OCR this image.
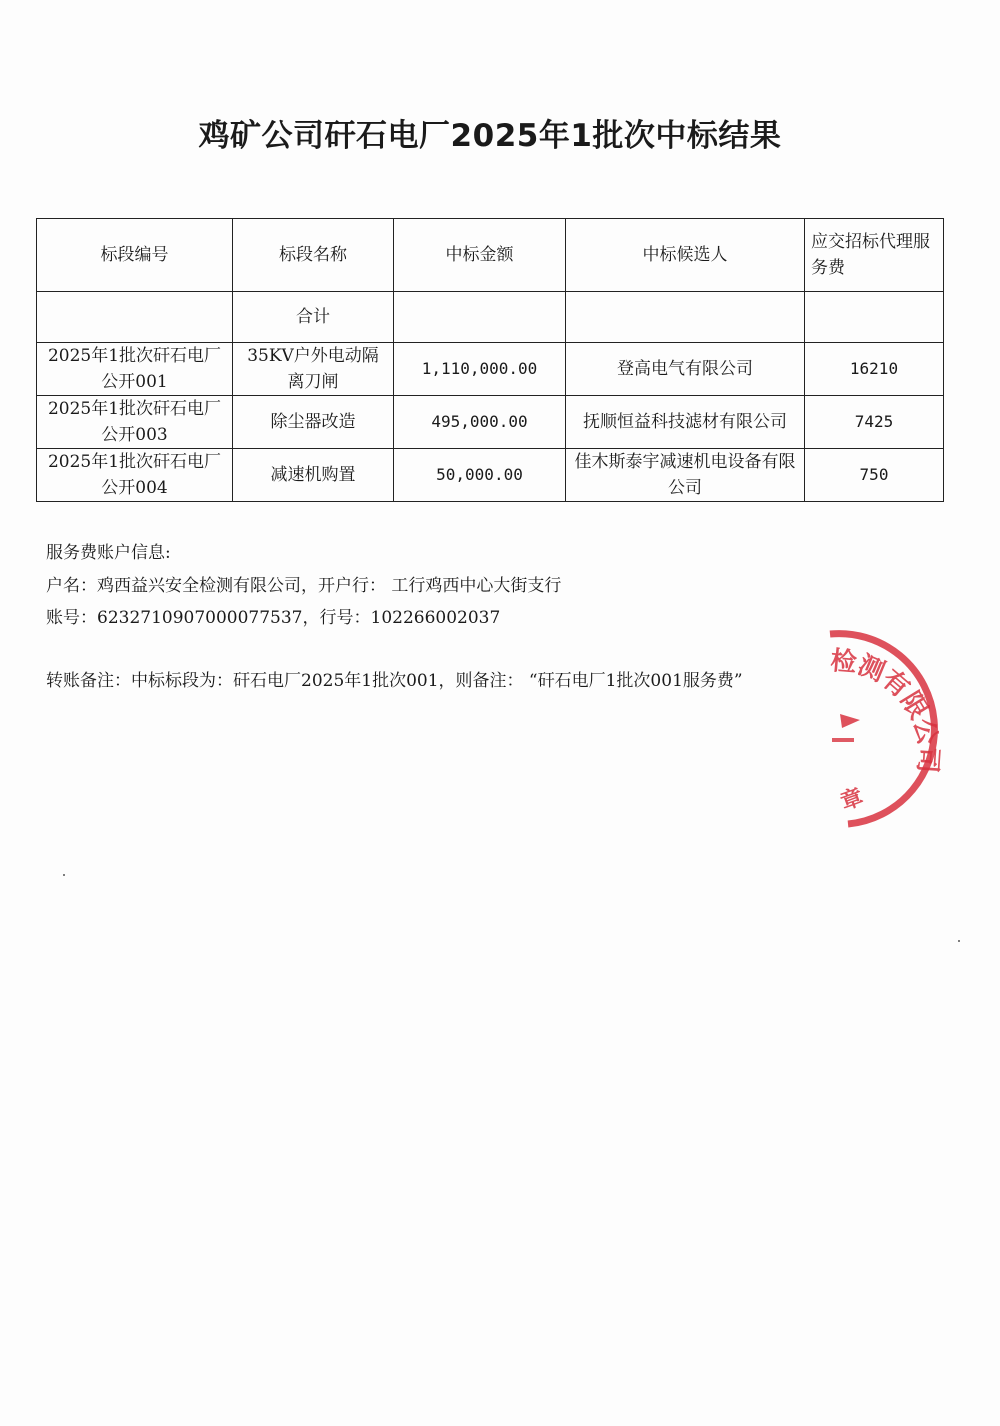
鸡矿公司矸石电厂2025年1批次中标结果
标段编号	标段名称	中标金额	中标候选人	应交招标代理服务费
	合计			
2025年1批次矸石电厂公开001	35KV户外电动隔离刀闸	1,110,000.00	登高电气有限公司	16210
2025年1批次矸石电厂公开003	除尘器改造	495,000.00	抚顺恒益科技滤材有限公司	7425
2025年1批次矸石电厂公开004	减速机购置	50,000.00	佳木斯泰宇减速机电设备有限公司	750
服务费账户信息:
户名：鸡西益兴安全检测有限公司，开户行： 工行鸡西中心大街支行
账号：6232710907000077537，行号：102266002037
转账备注：中标标段为：矸石电厂2025年1批次001，则备注： “矸石电厂1批次001服务费”
检测有限公司
章
